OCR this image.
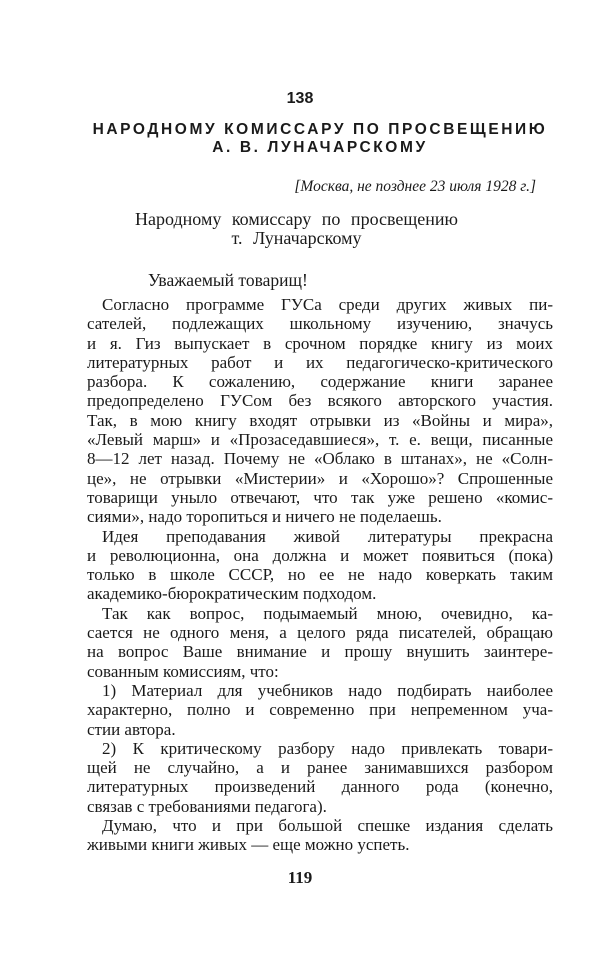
138
НАРОДНОМУ КОМИССАРУ ПО ПРОСВЕЩЕНИЮ
А. В. ЛУНАЧАРСКОМУ
[Москва, не позднее 23 июля 1928 г.]
Народному комиссару по просвещению
т. Луначарскому
Уважаемый товарищ!
Согласно программе ГУСа среди других живых пи-
сателей, подлежащих школьному изучению, значусь
и я. Гиз выпускает в срочном порядке книгу из моих
литературных работ и их педагогическо-критического
разбора. К сожалению, содержание книги заранее
предопределено ГУСом без всякого авторского участия.
Так, в мою книгу входят отрывки из «Войны и мира»,
«Левый марш» и «Прозаседавшиеся», т. е. вещи, писанные
8—12 лет назад. Почему не «Облако в штанах», не «Солн-
це», не отрывки «Мистерии» и «Хорошо»? Спрошенные
товарищи уныло отвечают, что так уже решено «комис-
сиями», надо торопиться и ничего не поделаешь.
Идея преподавания живой литературы прекрасна
и революционна, она должна и может появиться (пока)
только в школе СССР, но ее не надо коверкать таким
академико-бюрократическим подходом.
Так как вопрос, подымаемый мною, очевидно, ка-
сается не одного меня, а целого ряда писателей, обращаю
на вопрос Ваше внимание и прошу внушить заинтере-
сованным комиссиям, что:
1) Материал для учебников надо подбирать наиболее
характерно, полно и современно при непременном уча-
стии автора.
2) К критическому разбору надо привлекать товари-
щей не случайно, а и ранее занимавшихся разбором
литературных произведений данного рода (конечно,
связав с требованиями педагога).
Думаю, что и при большой спешке издания сделать
живыми книги живых — еще можно успеть.
119
